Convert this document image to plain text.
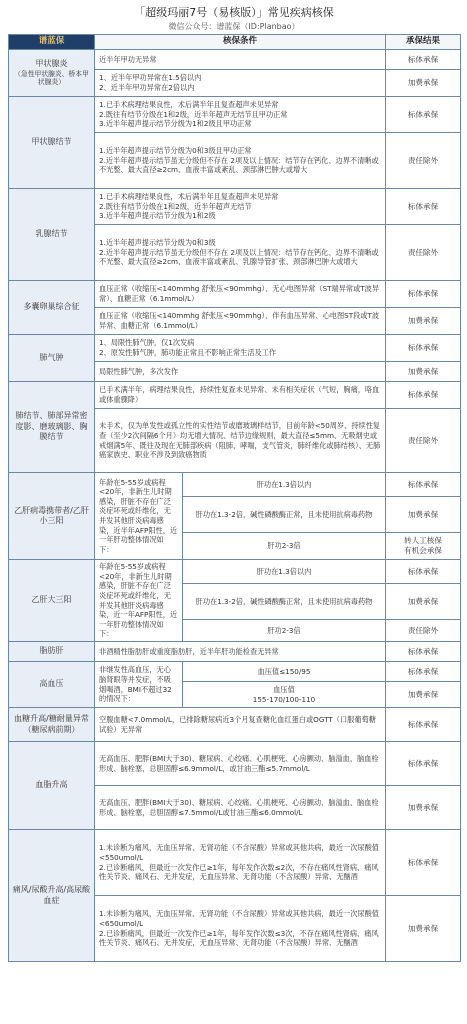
「超级玛丽7号（易核版）」常见疾病核保
微信公众号：谱蓝保（ID:Planbao）
谱蓝保	核保条件		承保结果

甲状腺炎
（急性甲状腺炎、桥本甲状腺炎）	近半年甲功无异常		标体承保
	1、近半年甲功异常在1.5倍以内
2、近半年甲功异常在2倍以内		加费承保
甲状腺结节	1.已手术病理结果良性，术后满半年且复查超声未见异常
2.既往有结节分级在1和2级，近半年超声无结节且甲功正常
3.近半年超声提示结节分级为1和2级且甲功正常		标体承保
	1.近半年超声提示结节分级为0和3级且甲功正常
2.近半年超声提示结节虽无分级但不存在 2项及以上情况：结节存在钙化、边界不清晰或不光整、最大直径≥2cm、血液丰富或紊乱、颈部淋巴肿大或增大		责任除外
乳腺结节	1.已手术病理结果良性，术后满半年且复查超声未见异常
2.既往有结节分级在1和2级，近半年超声无结节
3.近半年超声提示结节分级为1和2级		标体承保
	1.近半年超声提示结节分级为0和3级
2.近半年超声提示结节虽无分级但不存在 2项及以上情况：结节存在钙化、边界不清晰或不光整、最大直径≥2cm、血液丰富或紊乱、乳腺导管扩张、颈部淋巴肿大或增大		责任除外
多囊卵巢综合征	血压正常（收缩压<140mmhg 舒张压<90mmhg）、无心电图异常（ST端异常或T波异常）、血糖正常（6.1mmol/L）		标体承保
	血压正常（收缩压<140mmhg 舒张压<90mmhg）、伴有血压异常、心电图ST段或T波异常、血糖正常（6.1mmol/L）		加费承保
肺气肿	1、局限性肺气肿，仅1次发病
2、原发性肺气肿，肺功能正常且不影响正常生活及工作		标体承保
	局限性肺气肿，多次发作		加费承保
肺结节、肺部异常密度影、磨玻璃影、胸膜结节	已手术满半年，病理结果良性，持续性复查未见异常、未有相关症状（气短，胸痛，咯血或体重骤降）		标体承保
	未手术，仅为单发性或孤立性的实性结节或磨玻璃样结节，目前年龄<50周岁、持续性复查（至少2次间隔6个月）均无增大情况、结节边缘规则，最大直径≤5mm、无吸烟史或戒烟满5年、既往及现在无肺部疾病（阻肺，哮喘，支气管炎，肺纤维化或肺结核）、无肺癌家族史、职业不涉及到致癌物质		责任除外
乙肝病毒携带者/乙肝小三阳	年龄在5-55岁或病程<20年，非新生儿时期感染，肝脏不存在广泛炎症坏死或纤维化，无并发其他肝炎病毒感染，近半年AFP阳性，近一年肝功整体情况如下：	肝功在1.3倍以内	标体承保
		肝功在1.3-2倍，碱性磷酸酶正常，且未使用抗病毒药物	加费承保
		肝功2-3倍	转人工核保
有机会承保
乙肝大三阳	年龄在5-55岁或病程<20年，非新生儿时期感染，肝脏不存在广泛炎症坏死或纤维化，无并发其他肝炎病毒感染，近一年AFP阳性，近一年肝功整体情况如下：	肝功在1.3倍以内	标体承保
		肝功在1.3-2倍，碱性磷酸酶正常，且未使用抗病毒药物	加费承保
		肝功2-3倍	责任除外
脂肪肝	非酒精性脂肪肝或重度脂肪肝，近半年肝功能检查无异常		标体承保
高血压	非继发性高血压，无心脑肾眼等并发症，不吸烟喝酒，BMI不超过32的情况下：	血压值≤150/95	标体承保
		血压值
155-170/100-110	加费承保
血糖升高/糖耐量异常（糖尿病前期）	空腹血糖<7.0mmol/L，已排除糖尿病近3个月复查糖化血红蛋白或OGTT（口服葡萄糖试验）无异常		标体承保
血脂升高	无高血压、肥胖(BMI大于30)、糖尿病、心绞痛、心肌梗死、心房颤动、脑溢血、脑血栓形成、脑栓塞，总胆固醇≤6.9mmol/L，或甘油三酯≤5.7mmol/L		标体承保
	无高血压、肥胖(BMI大于30)、糖尿病、心绞痛、心肌梗死、心房颤动、脑溢血、脑血栓形成、脑栓塞，总胆固醇≤7.5mmol/L或甘油三酯≤6.0mmol/L		加费承保
痛风/尿酸升高/高尿酸血症	1.未诊断为痛风，无血压异常、无肾功能（不含尿酸）异常或其他共病，最近一次尿酸值<550umol/L
2.已诊断痛风，但最近一次发作已≥1年，每年发作次数≤2次，不存在痛风性肾病、痛风性关节炎、痛风石、无并发症，无血压异常、无肾功能（不含尿酸）异常、无酗酒		标体承保
	1.未诊断为痛风，无血压异常、无肾功能（不含尿酸）异常或其他共病，最近一次尿酸值<650umol/L
2.已诊断痛风，但最近一次发作已≥1年，每年发作次数≤3次，不存在痛风性肾病、痛风性关节炎、痛风石、无并发症，无血压异常、无肾功能（不含尿酸）异常、无酗酒		加费承保
